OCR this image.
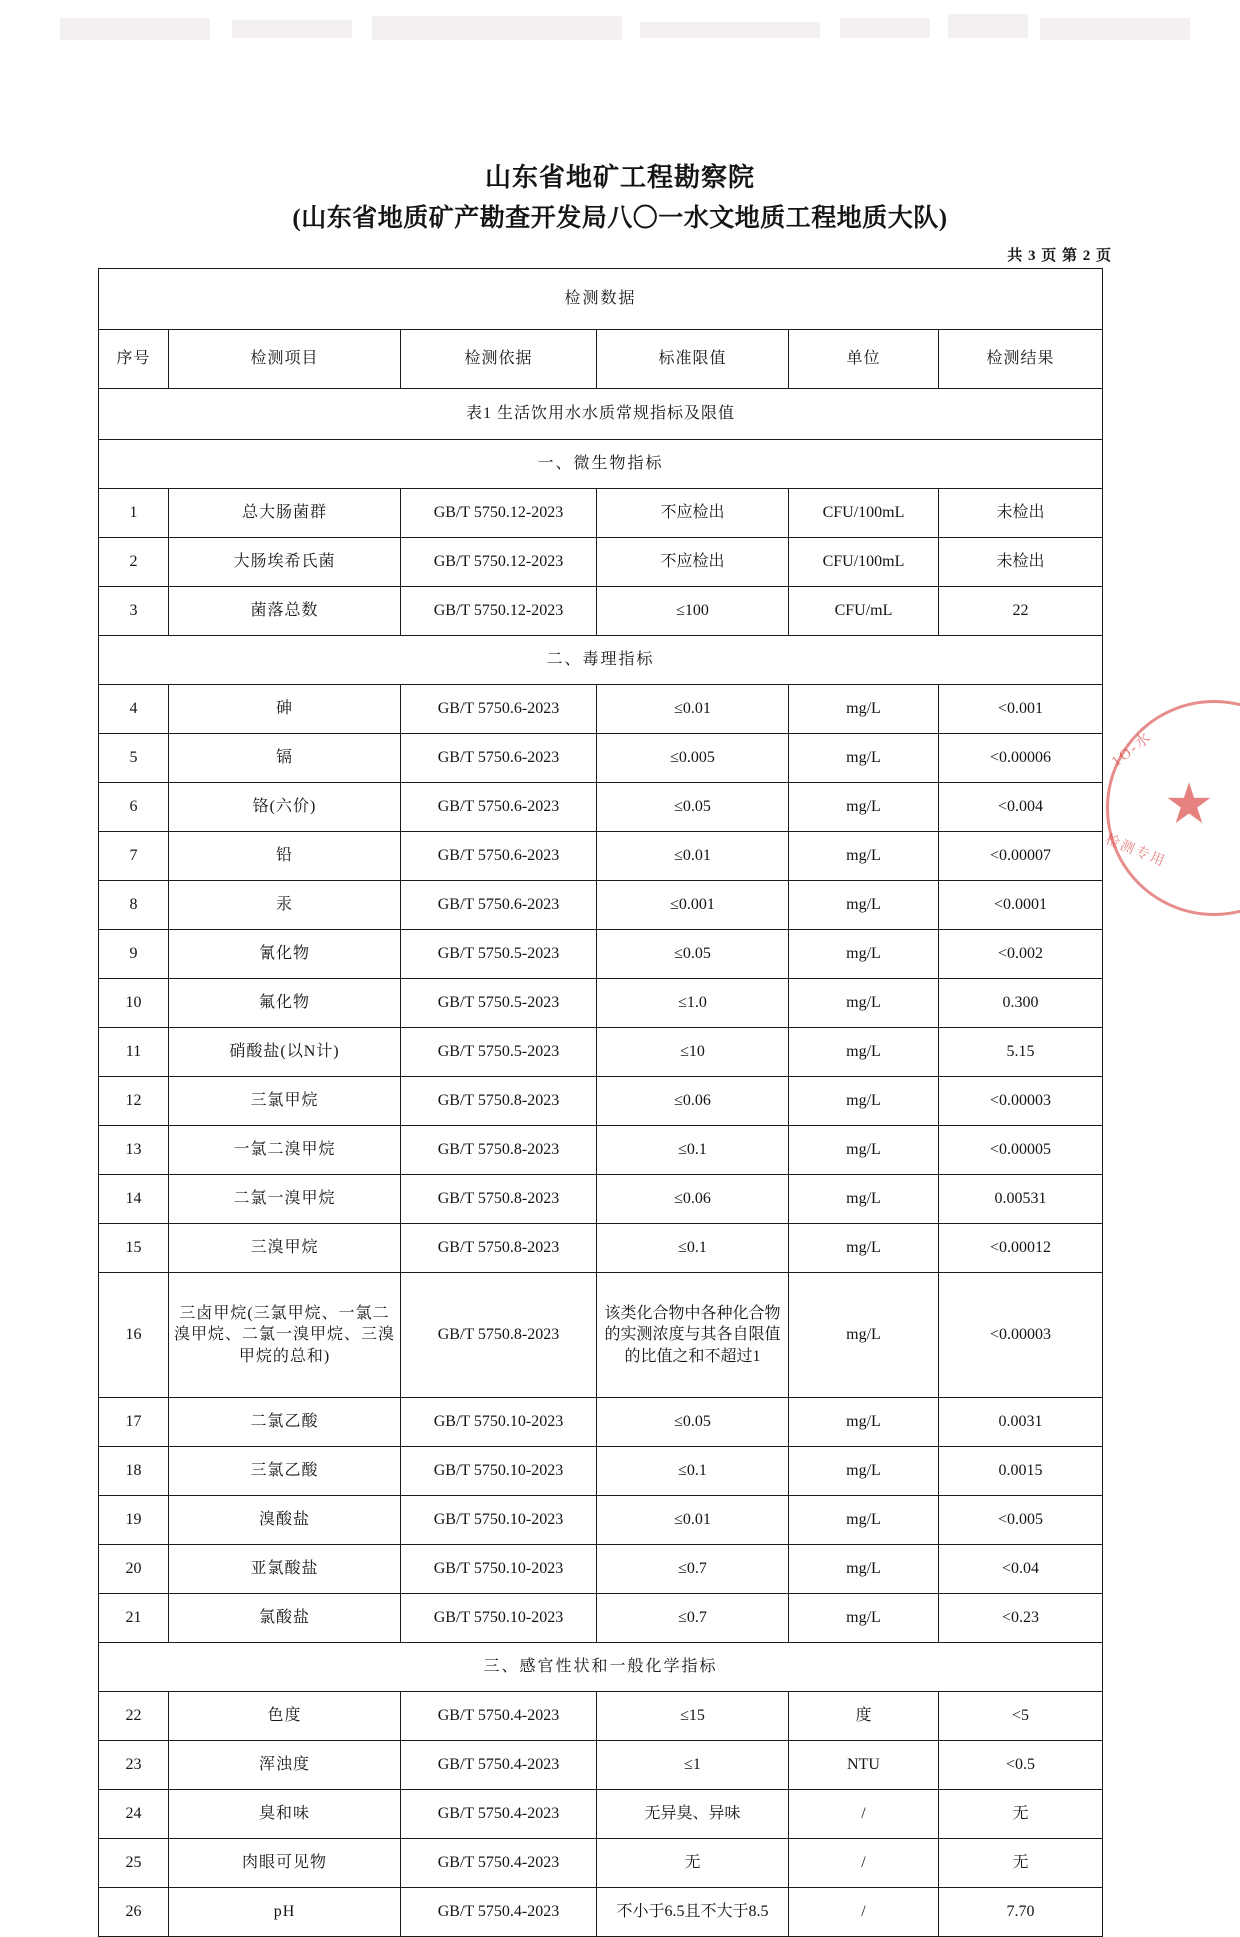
山东省地矿工程勘察院
(山东省地质矿产勘查开发局八〇一水文地质工程地质大队)
共 3 页 第 2 页
检测数据					
序号	检测项目	检测依据	标准限值	单位	检测结果
表1 生活饮用水水质常规指标及限值					
一、微生物指标					
1	总大肠菌群	GB/T 5750.12-2023	不应检出	CFU/100mL	未检出
2	大肠埃希氏菌	GB/T 5750.12-2023	不应检出	CFU/100mL	未检出
3	菌落总数	GB/T 5750.12-2023	≤100	CFU/mL	22
二、毒理指标					
4	砷	GB/T 5750.6-2023	≤0.01	mg/L	<0.001
5	镉	GB/T 5750.6-2023	≤0.005	mg/L	<0.00006
6	铬(六价)	GB/T 5750.6-2023	≤0.05	mg/L	<0.004
7	铅	GB/T 5750.6-2023	≤0.01	mg/L	<0.00007
8	汞	GB/T 5750.6-2023	≤0.001	mg/L	<0.0001
9	氰化物	GB/T 5750.5-2023	≤0.05	mg/L	<0.002
10	氟化物	GB/T 5750.5-2023	≤1.0	mg/L	0.300
11	硝酸盐(以N计)	GB/T 5750.5-2023	≤10	mg/L	5.15
12	三氯甲烷	GB/T 5750.8-2023	≤0.06	mg/L	<0.00003
13	一氯二溴甲烷	GB/T 5750.8-2023	≤0.1	mg/L	<0.00005
14	二氯一溴甲烷	GB/T 5750.8-2023	≤0.06	mg/L	0.00531
15	三溴甲烷	GB/T 5750.8-2023	≤0.1	mg/L	<0.00012
16	三卤甲烷(三氯甲烷、一氯二溴甲烷、二氯一溴甲烷、三溴甲烷的总和)	GB/T 5750.8-2023	该类化合物中各种化合物的实测浓度与其各自限值的比值之和不超过1	mg/L	<0.00003
17	二氯乙酸	GB/T 5750.10-2023	≤0.05	mg/L	0.0031
18	三氯乙酸	GB/T 5750.10-2023	≤0.1	mg/L	0.0015
19	溴酸盐	GB/T 5750.10-2023	≤0.01	mg/L	<0.005
20	亚氯酸盐	GB/T 5750.10-2023	≤0.7	mg/L	<0.04
21	氯酸盐	GB/T 5750.10-2023	≤0.7	mg/L	<0.23
三、感官性状和一般化学指标					
22	色度	GB/T 5750.4-2023	≤15	度	<5
23	浑浊度	GB/T 5750.4-2023	≤1	NTU	<0.5
24	臭和味	GB/T 5750.4-2023	无异臭、异味	/	无
25	肉眼可见物	GB/T 5750.4-2023	无	/	无
26	pH	GB/T 5750.4-2023	不小于6.5且不大于8.5	/	7.70
★
1O-水
检测专用
